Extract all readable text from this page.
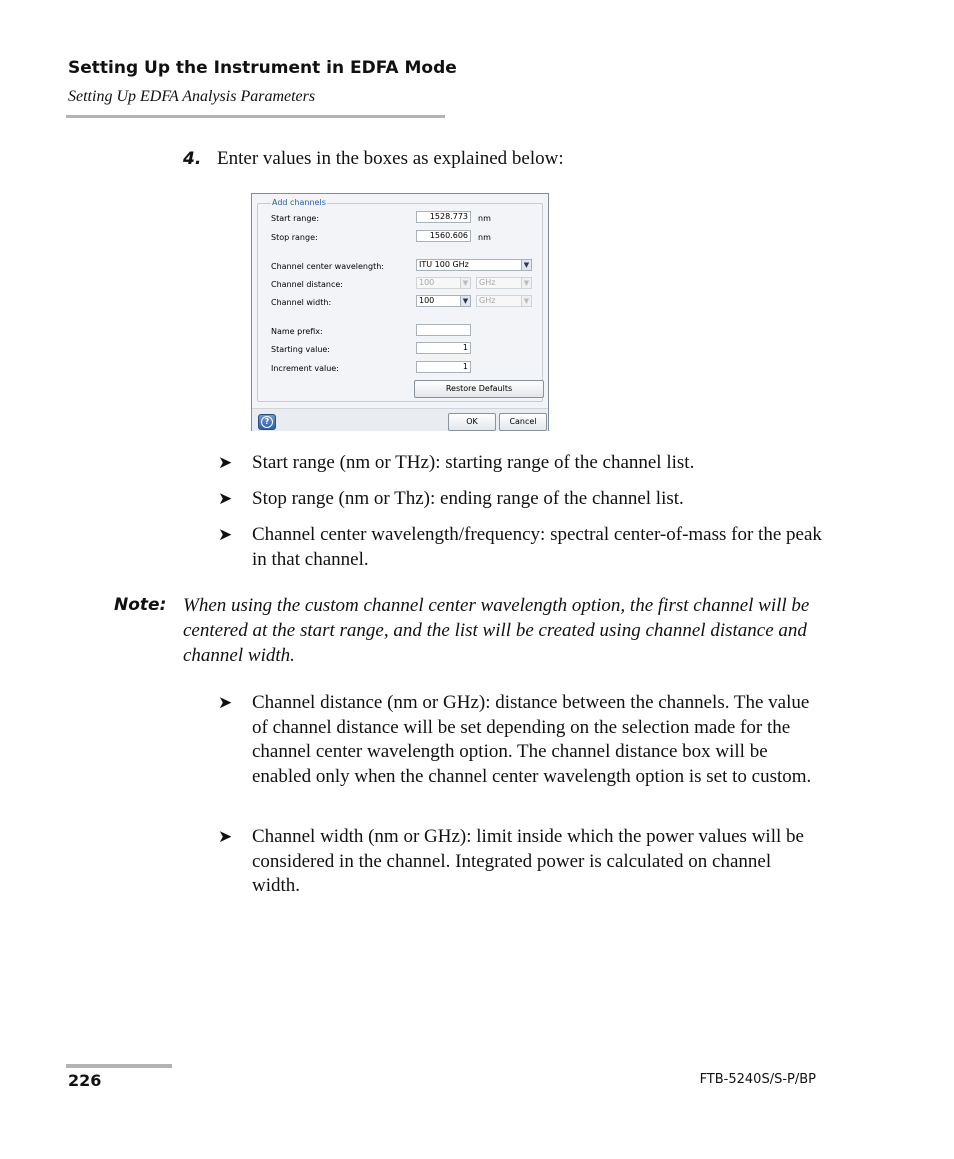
Setting Up the Instrument in EDFA Mode
Setting Up EDFA Analysis Parameters
4. Enter values in the boxes as explained below:
Add channels
Start range:	1528.773	nm
Stop range:	1560.606	nm
Channel center wavelength:	ITU 100 GHz	▼
Channel distance:	100	▼	GHz	▼
Channel width:	100	▼	GHz	▼
Name prefix:
Starting value:	1
Increment value:	1
Restore Defaults
?	OK	Cancel
➤ Start range (nm or THz): starting range of the channel list.
➤ Stop range (nm or Thz): ending range of the channel list.
➤ Channel center wavelength/frequency: spectral center-of-mass for the peak in that channel.
Note: When using the custom channel center wavelength option, the first channel will be centered at the start range, and the list will be created using channel distance and channel width.
➤ Channel distance (nm or GHz): distance between the channels. The value of channel distance will be set depending on the selection made for the channel center wavelength option. The channel distance box will be enabled only when the channel center wavelength option is set to custom.
➤ Channel width (nm or GHz): limit inside which the power values will be considered in the channel. Integrated power is calculated on channel width.
226	FTB-5240S/S-P/BP
